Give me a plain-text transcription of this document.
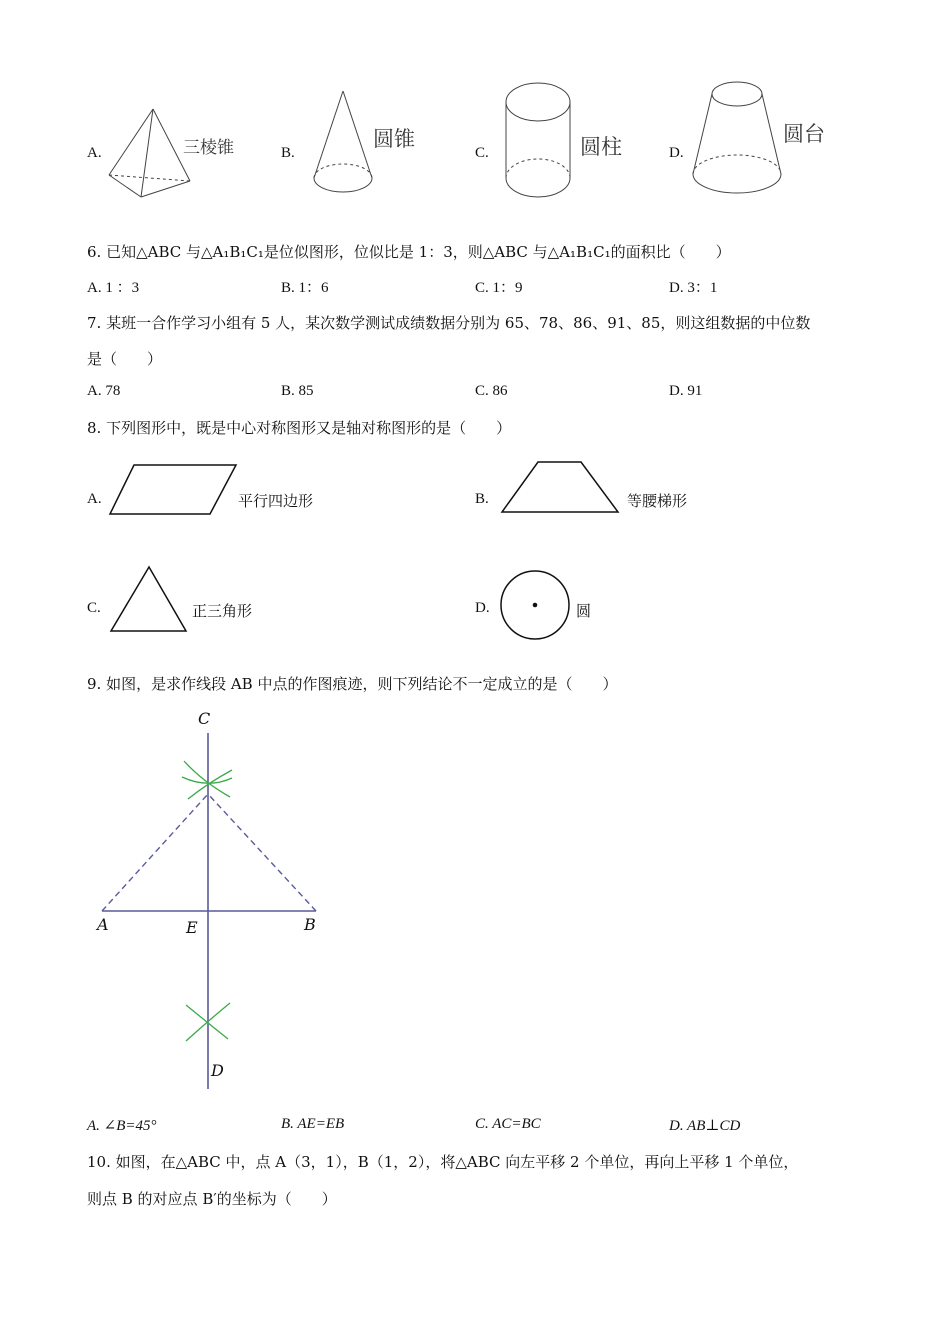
A.	三棱锥	B.
圆锥
C.	圆柱	D.
圆台
6. 已知△ABC 与△A₁B₁C₁是位似图形，位似比是 1：3，则△ABC 与△A₁B₁C₁的面积比（　　）
A. 1 ：3	B. 1：6	C. 1：9	D. 3：1
7. 某班一合作学习小组有 5 人，某次数学测试成绩数据分别为 65、78、86、91、85，则这组数据的中位数
是（　　）
A. 78	B. 85	C. 86	D. 91
8. 下列图形中，既是中心对称图形又是轴对称图形的是（　　）
A.	平行四边形	B.	等腰梯形
C.	正三角形	D.	圆
9. 如图，是求作线段 AB 中点的作图痕迹，则下列结论不一定成立的是（　　）
C
A	E	B
D
A. ∠B=45°	B. AE=EB	C. AC=BC	D. AB⊥CD
10. 如图，在△ABC 中，点 A（3，1），B（1，2），将△ABC 向左平移 2 个单位，再向上平移 1 个单位，
则点 B 的对应点 B′的坐标为（　　）
